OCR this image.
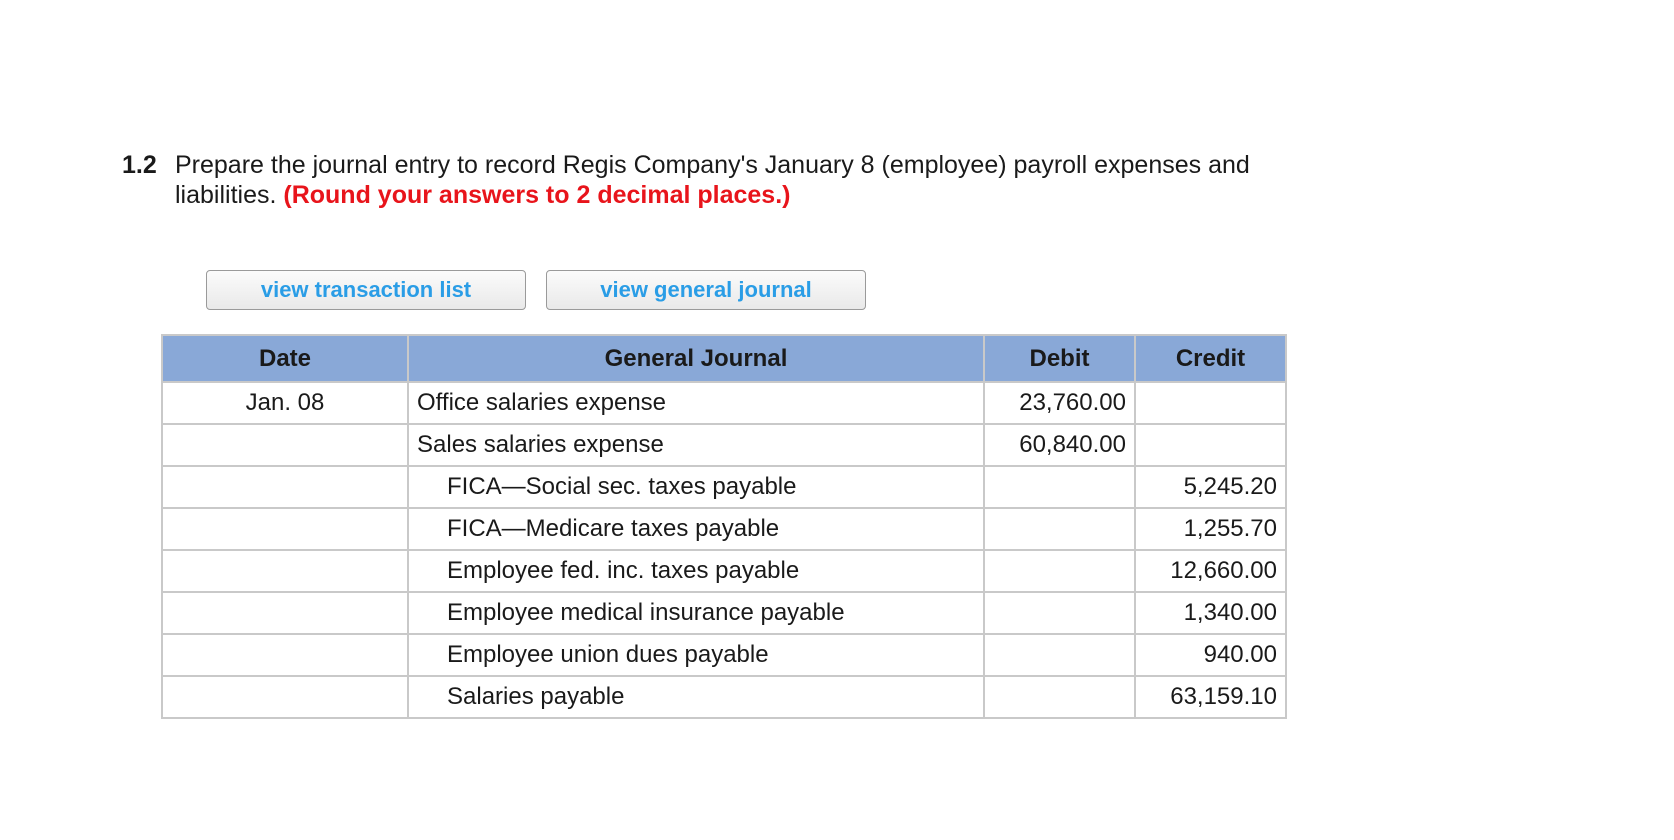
1.2 Prepare the journal entry to record Regis Company's January 8 (employee) payroll expenses and liabilities. (Round your answers to 2 decimal places.)
view transaction list	view general journal
Date	General Journal	Debit	Credit
Jan. 08	Office salaries expense	23,760.00	
	Sales salaries expense	60,840.00	
	FICA—Social sec. taxes payable		5,245.20
	FICA—Medicare taxes payable		1,255.70
	Employee fed. inc. taxes payable		12,660.00
	Employee medical insurance payable		1,340.00
	Employee union dues payable		940.00
	Salaries payable		63,159.10
